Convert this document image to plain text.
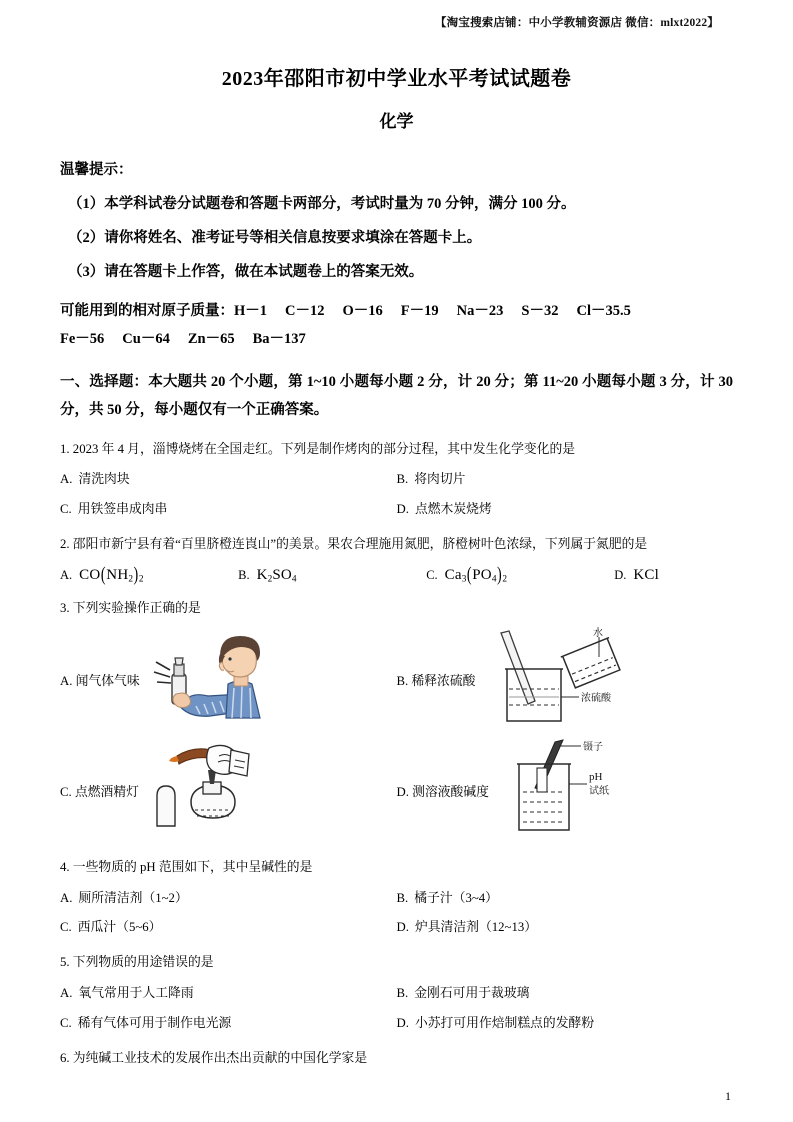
【淘宝搜索店铺：中小学教辅资源店 微信：mlxt2022】
2023年邵阳市初中学业水平考试试题卷
化学
温馨提示：
（1）本学科试卷分试题卷和答题卡两部分，考试时量为 70 分钟，满分 100 分。
（2）请你将姓名、准考证号等相关信息按要求填涂在答题卡上。
（3）请在答题卡上作答，做在本试题卷上的答案无效。
可能用到的相对原子质量：H－1 C－12 O－16 F－19 Na－23 S－32 Cl－35.5
Fe－56 Cu－64 Zn－65 Ba－137
一、选择题：本大题共 20 个小题，第 1~10 小题每小题 2 分，计 20 分；第 11~20 小题每小题 3 分，计 30 分，共 50 分，每小题仅有一个正确答案。
1. 2023 年 4 月，淄博烧烤在全国走红。下列是制作烤肉的部分过程，其中发生化学变化的是
A. 清洗肉块	B. 将肉切片
C. 用铁签串成肉串	D. 点燃木炭烧烤
2. 邵阳市新宁县有着“百里脐橙连崀山”的美景。果农合理施用氮肥，脐橙树叶色浓绿，下列属于氮肥的是
A. $CO(NH_2)_2$	B. $K_2SO_4$	C. $Ca_3(PO_4)_2$	D. KCl
3. 下列实验操作正确的是
A. 闻气体气味	B. 稀释浓硫酸
浓硫酸
水
C. 点燃酒精灯	D. 测溶液酸碱度
镊子
pH
试纸
4. 一些物质的 pH 范围如下，其中呈碱性的是
A. 厕所清洁剂（1~2）	B. 橘子汁（3~4）
C. 西瓜汁（5~6）	D. 炉具清洁剂（12~13）
5. 下列物质的用途错误的是
A. 氧气常用于人工降雨	B. 金刚石可用于裁玻璃
C. 稀有气体可用于制作电光源	D. 小苏打可用作焙制糕点的发酵粉
6. 为纯碱工业技术的发展作出杰出贡献的中国化学家是
1
